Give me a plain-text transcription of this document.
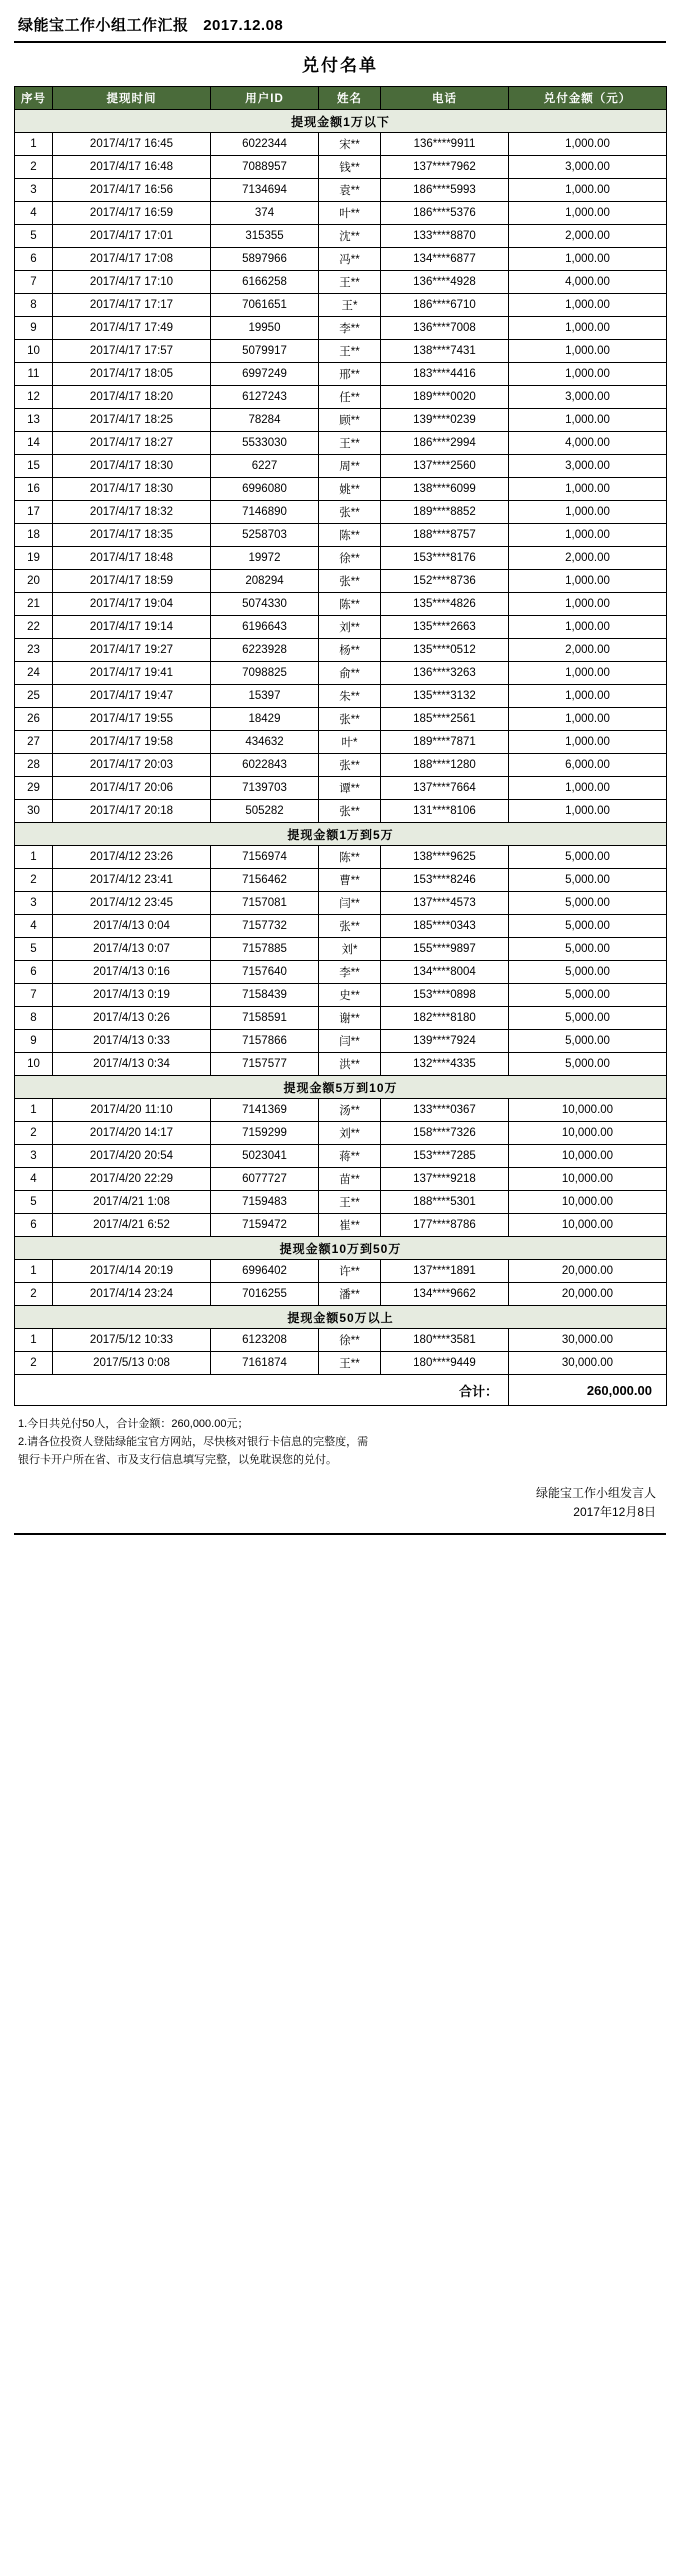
绿能宝工作小组工作汇报 2017.12.08
兑付名单
序号	提现时间	用户ID	姓名	电话	兑付金额（元）
提现金额1万以下					
1	2017/4/17 16:45	6022344	宋**	136****9911	1,000.00
2	2017/4/17 16:48	7088957	钱**	137****7962	3,000.00
3	2017/4/17 16:56	7134694	袁**	186****5993	1,000.00
4	2017/4/17 16:59	374	叶**	186****5376	1,000.00
5	2017/4/17 17:01	315355	沈**	133****8870	2,000.00
6	2017/4/17 17:08	5897966	冯**	134****6877	1,000.00
7	2017/4/17 17:10	6166258	王**	136****4928	4,000.00
8	2017/4/17 17:17	7061651	王*	186****6710	1,000.00
9	2017/4/17 17:49	19950	李**	136****7008	1,000.00
10	2017/4/17 17:57	5079917	王**	138****7431	1,000.00
11	2017/4/17 18:05	6997249	邢**	183****4416	1,000.00
12	2017/4/17 18:20	6127243	任**	189****0020	3,000.00
13	2017/4/17 18:25	78284	顾**	139****0239	1,000.00
14	2017/4/17 18:27	5533030	王**	186****2994	4,000.00
15	2017/4/17 18:30	6227	周**	137****2560	3,000.00
16	2017/4/17 18:30	6996080	姚**	138****6099	1,000.00
17	2017/4/17 18:32	7146890	张**	189****8852	1,000.00
18	2017/4/17 18:35	5258703	陈**	188****8757	1,000.00
19	2017/4/17 18:48	19972	徐**	153****8176	2,000.00
20	2017/4/17 18:59	208294	张**	152****8736	1,000.00
21	2017/4/17 19:04	5074330	陈**	135****4826	1,000.00
22	2017/4/17 19:14	6196643	刘**	135****2663	1,000.00
23	2017/4/17 19:27	6223928	杨**	135****0512	2,000.00
24	2017/4/17 19:41	7098825	俞**	136****3263	1,000.00
25	2017/4/17 19:47	15397	朱**	135****3132	1,000.00
26	2017/4/17 19:55	18429	张**	185****2561	1,000.00
27	2017/4/17 19:58	434632	叶*	189****7871	1,000.00
28	2017/4/17 20:03	6022843	张**	188****1280	6,000.00
29	2017/4/17 20:06	7139703	谭**	137****7664	1,000.00
30	2017/4/17 20:18	505282	张**	131****8106	1,000.00
提现金额1万到5万					
1	2017/4/12 23:26	7156974	陈**	138****9625	5,000.00
2	2017/4/12 23:41	7156462	曹**	153****8246	5,000.00
3	2017/4/12 23:45	7157081	闫**	137****4573	5,000.00
4	2017/4/13 0:04	7157732	张**	185****0343	5,000.00
5	2017/4/13 0:07	7157885	刘*	155****9897	5,000.00
6	2017/4/13 0:16	7157640	李**	134****8004	5,000.00
7	2017/4/13 0:19	7158439	史**	153****0898	5,000.00
8	2017/4/13 0:26	7158591	谢**	182****8180	5,000.00
9	2017/4/13 0:33	7157866	闫**	139****7924	5,000.00
10	2017/4/13 0:34	7157577	洪**	132****4335	5,000.00
提现金额5万到10万					
1	2017/4/20 11:10	7141369	汤**	133****0367	10,000.00
2	2017/4/20 14:17	7159299	刘**	158****7326	10,000.00
3	2017/4/20 20:54	5023041	蒋**	153****7285	10,000.00
4	2017/4/20 22:29	6077727	苗**	137****9218	10,000.00
5	2017/4/21 1:08	7159483	王**	188****5301	10,000.00
6	2017/4/21 6:52	7159472	崔**	177****8786	10,000.00
提现金额10万到50万					
1	2017/4/14 20:19	6996402	许**	137****1891	20,000.00
2	2017/4/14 23:24	7016255	潘**	134****9662	20,000.00
提现金额50万以上					
1	2017/5/12 10:33	6123208	徐**	180****3581	30,000.00
2	2017/5/13 0:08	7161874	王**	180****9449	30,000.00
合计：					260,000.00
1.今日共兑付50人，合计金额：260,000.00元；
2.请各位投资人登陆绿能宝官方网站，尽快核对银行卡信息的完整度，需
银行卡开户所在省、市及支行信息填写完整，以免耽误您的兑付。
绿能宝工作小组发言人
2017年12月8日
